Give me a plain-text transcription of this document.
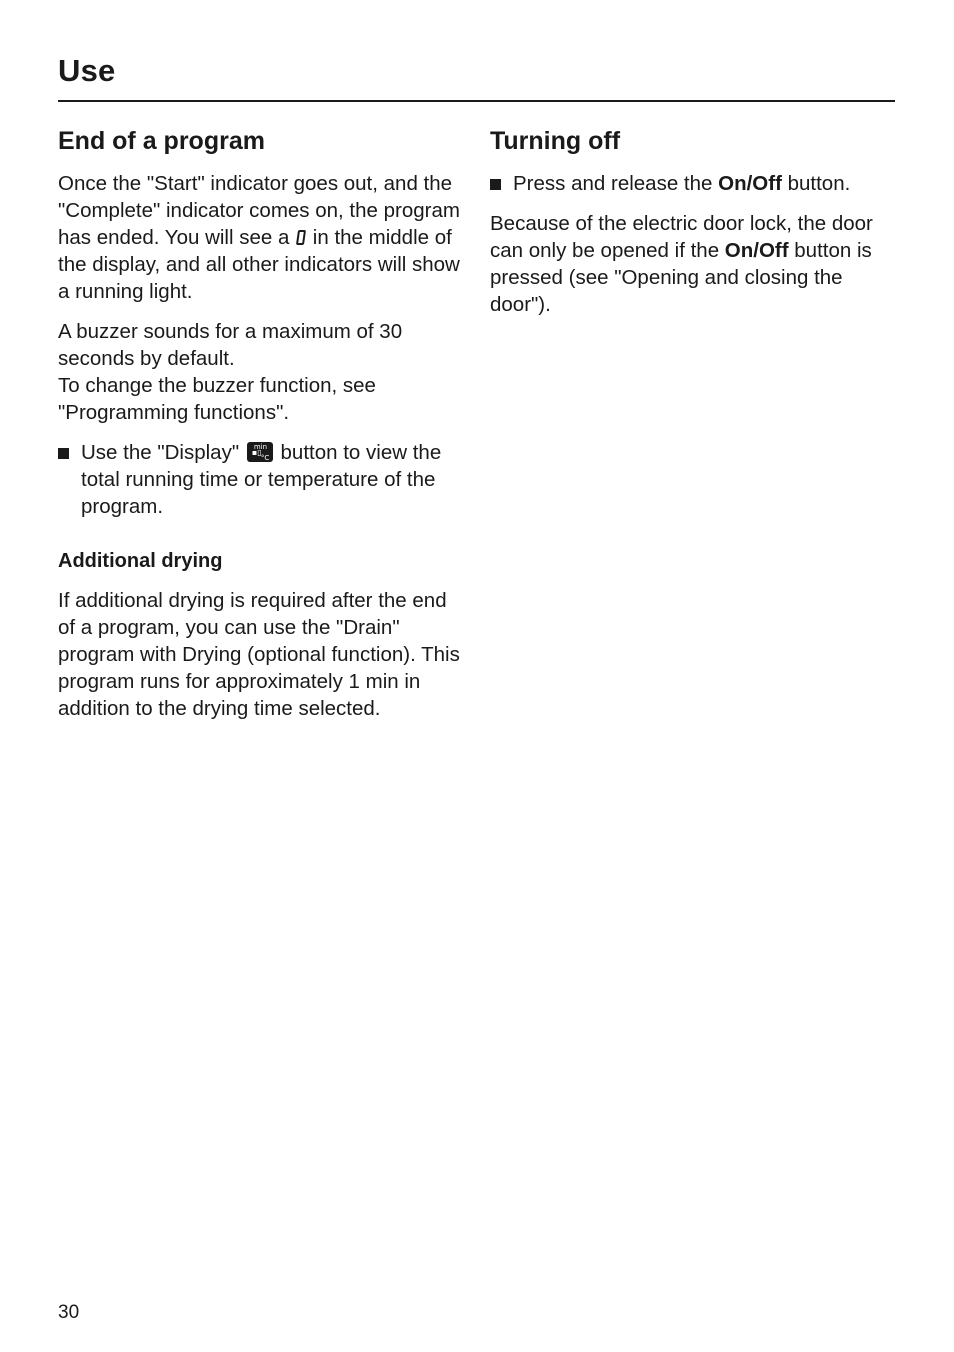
Use
End of a program

Once the "Start" indicator goes out, and the "Complete" indicator comes on, the program has ended. You will see a in the middle of the display, and all other indicators will show a running light.

A buzzer sounds for a maximum of 30 seconds by default.
To change the buzzer function, see "Programming functions".

Use the "Display" min
▪▯
°C button to view the total running time or temperature of the program.
Additional drying

If additional drying is required after the end of a program, you can use the "Drain" program with Drying (optional function). This program runs for approximately 1 min in addition to the drying time selected.

Turning off
Press and release the On/Off button.

Because of the electric door lock, the door can only be opened if the On/Off button is pressed (see "Opening and closing the door").

30
